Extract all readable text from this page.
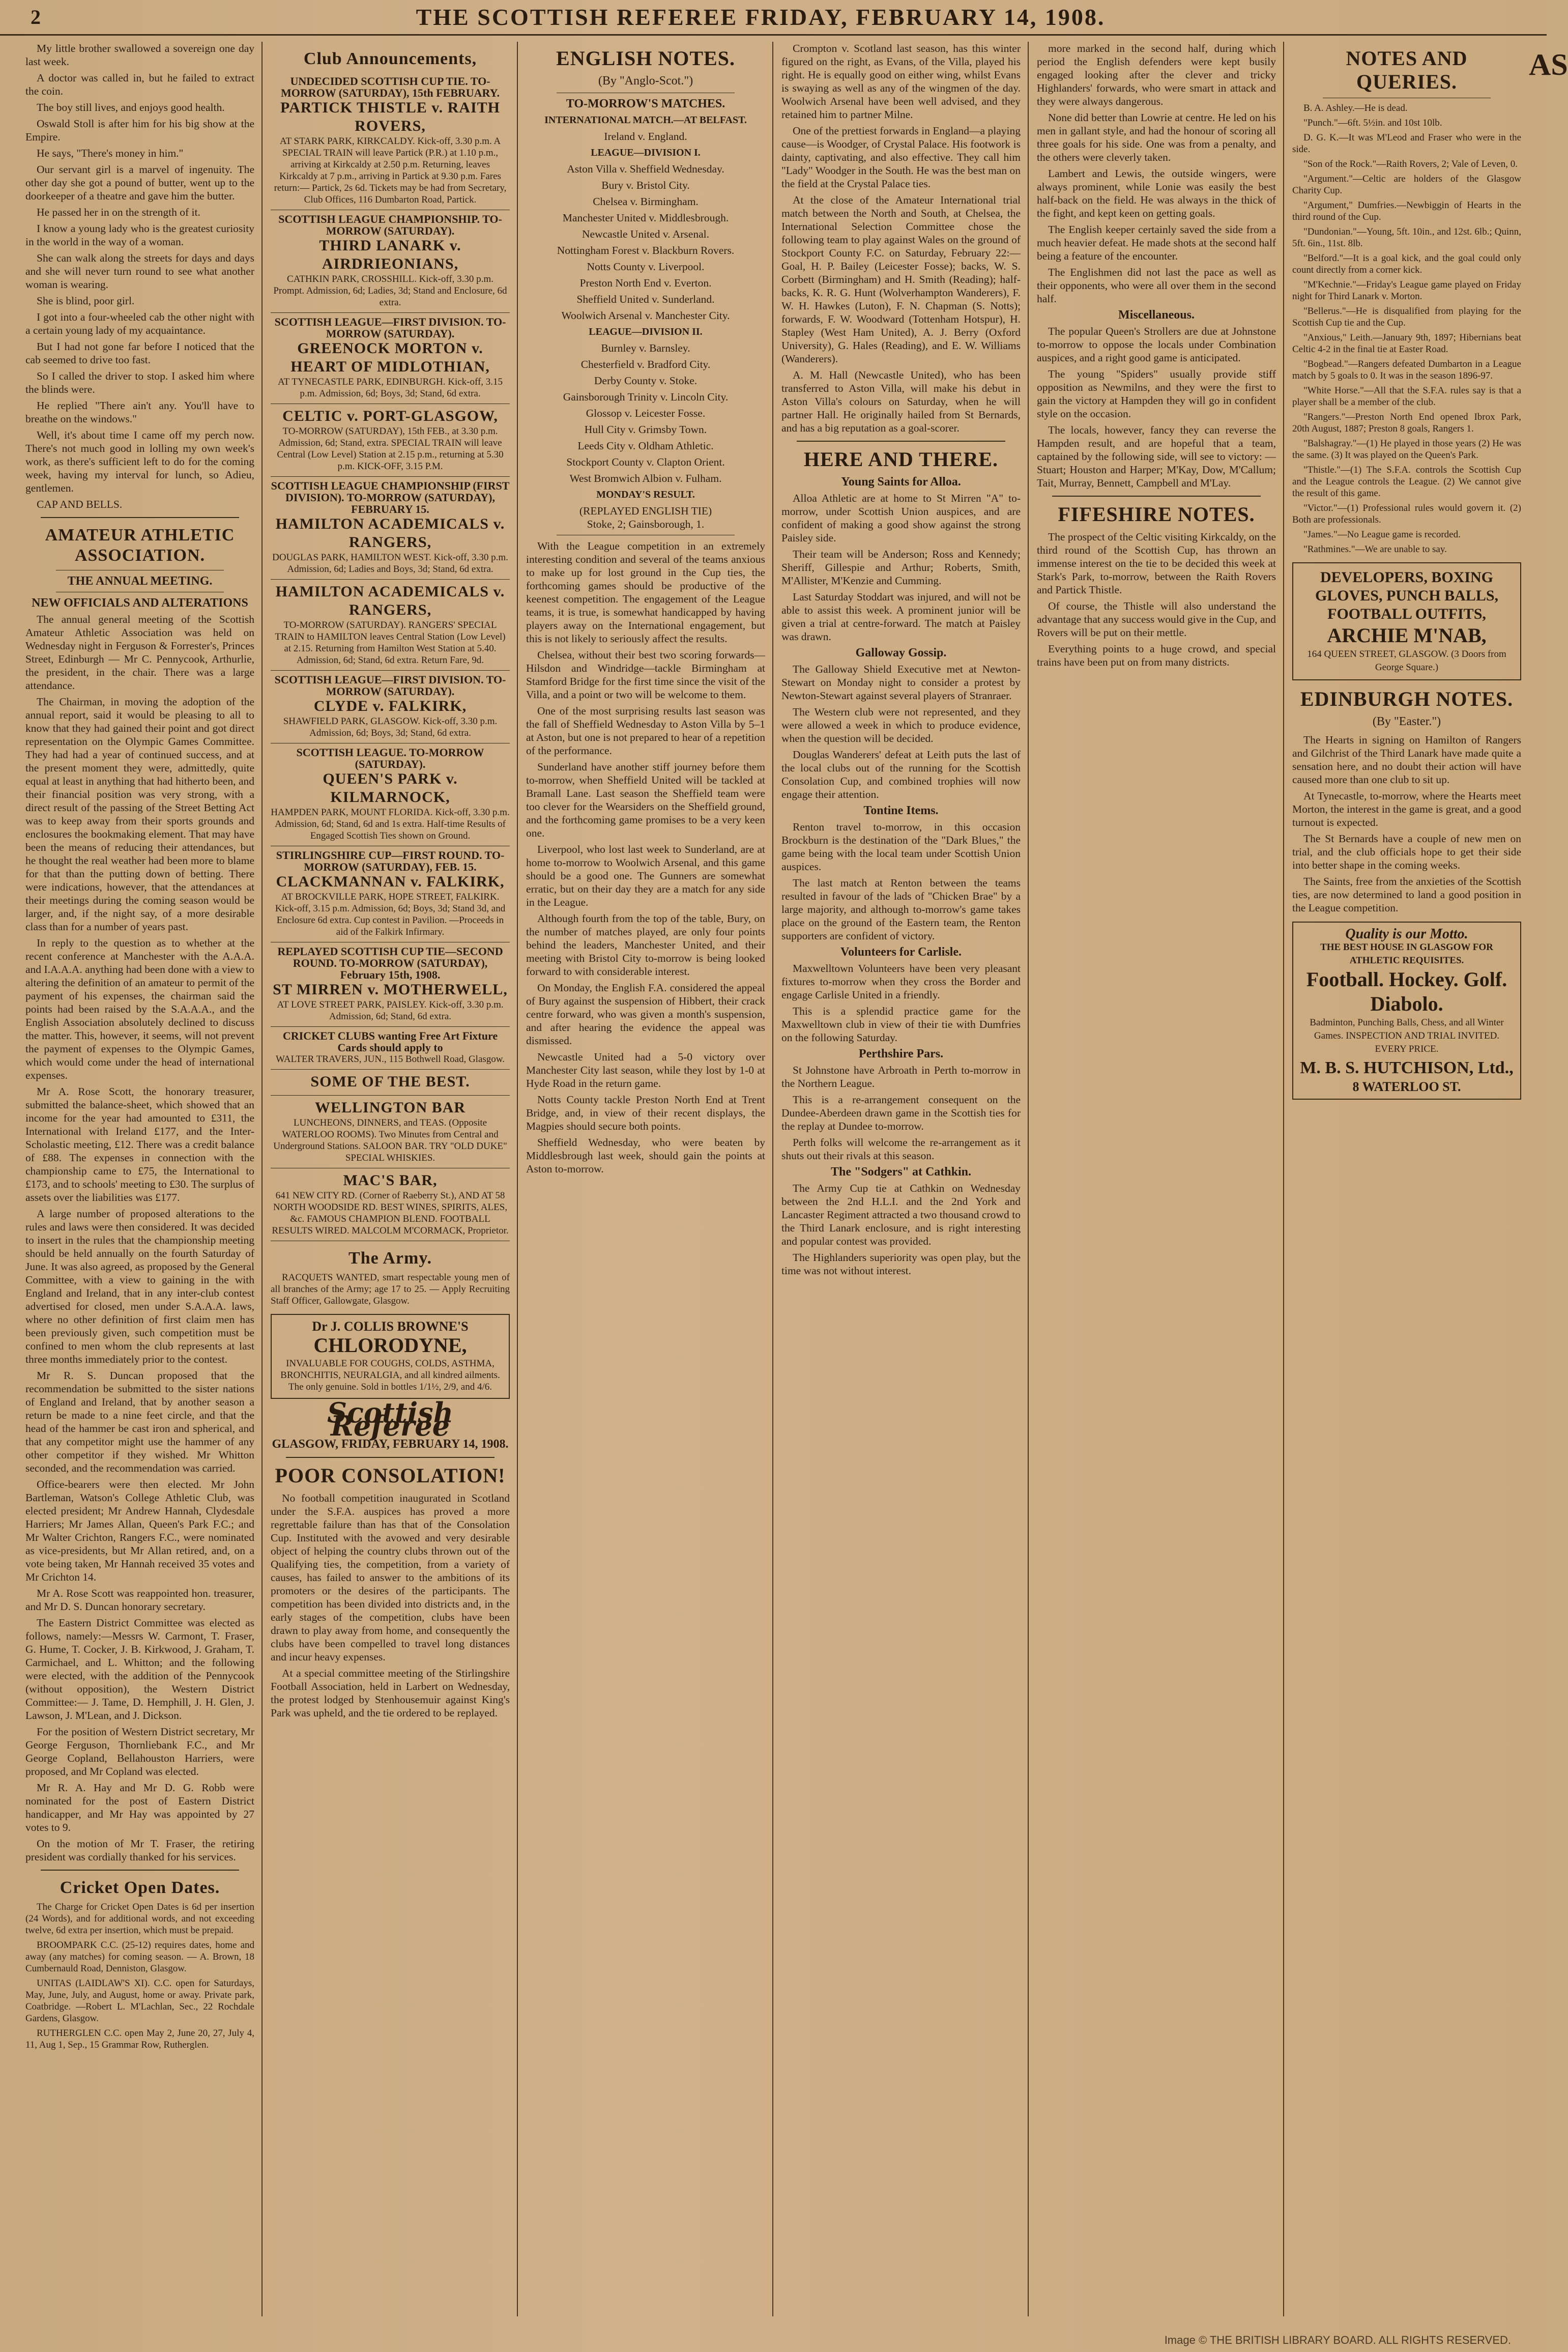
2	THE SCOTTISH REFEREE FRIDAY, FEBRUARY 14, 1908.

My little brother swallowed a sovereign one day last week.

A doctor was called in, but he failed to extract the coin.

The boy still lives, and enjoys good health.

Oswald Stoll is after him for his big show at the Empire.

He says, "There's money in him."

Our servant girl is a marvel of ingenuity. The other day she got a pound of butter, went up to the doorkeeper of a theatre and gave him the butter.

He passed her in on the strength of it.

I know a young lady who is the greatest curiosity in the world in the way of a woman.

She can walk along the streets for days and days and she will never turn round to see what another woman is wearing.

She is blind, poor girl.

I got into a four-wheeled cab the other night with a certain young lady of my acquaintance.

But I had not gone far before I noticed that the cab seemed to drive too fast.

So I called the driver to stop. I asked him where the blinds were.

He replied "There ain't any. You'll have to breathe on the windows."

Well, it's about time I came off my perch now. There's not much good in lolling my own week's work, as there's sufficient left to do for the coming week, having my interval for lunch, so Adieu, gentlemen.

CAP AND BELLS.

AMATEUR ATHLETIC ASSOCIATION.
THE ANNUAL MEETING.
NEW OFFICIALS AND ALTERATIONS

The annual general meeting of the Scottish Amateur Athletic Association was held on Wednesday night in Ferguson & Forrester's, Princes Street, Edinburgh — Mr C. Pennycook, Arthurlie, the president, in the chair. There was a large attendance.

The Chairman, in moving the adoption of the annual report, said it would be pleasing to all to know that they had gained their point and got direct representation on the Olympic Games Committee. They had had a year of continued success, and at the present moment they were, admittedly, quite equal at least in anything that had hitherto been, and their financial position was very strong, with a direct result of the passing of the Street Betting Act was to keep away from their sports grounds and enclosures the bookmaking element. That may have been the means of reducing their attendances, but he thought the real weather had been more to blame for that than the putting down of betting. There were indications, however, that the attendances at their meetings during the coming season would be larger, and, if the night say, of a more desirable class than for a number of years past.

In reply to the question as to whether at the recent conference at Manchester with the A.A.A. and I.A.A.A. anything had been done with a view to altering the definition of an amateur to permit of the payment of his expenses, the chairman said the points had been raised by the S.A.A.A., and the English Association absolutely declined to discuss the matter. This, however, it seems, will not prevent the payment of expenses to the Olympic Games, which would come under the head of international expenses.

Mr A. Rose Scott, the honorary treasurer, submitted the balance-sheet, which showed that an income for the year had amounted to £311, the International with Ireland £177, and the Inter-Scholastic meeting, £12. There was a credit balance of £88. The expenses in connection with the championship came to £75, the International to £173, and to schools' meeting to £30. The surplus of assets over the liabilities was £177.

A large number of proposed alterations to the rules and laws were then considered. It was decided to insert in the rules that the championship meeting should be held annually on the fourth Saturday of June. It was also agreed, as proposed by the General Committee, with a view to gaining in the with England and Ireland, that in any inter-club contest advertised for closed, men under S.A.A.A. laws, where no other definition of first claim men has been previously given, such competition must be confined to men whom the club represents at last three months immediately prior to the contest.

Mr R. S. Duncan proposed that the recommendation be submitted to the sister nations of England and Ireland, that by another season a return be made to a nine feet circle, and that the head of the hammer be cast iron and spherical, and that any competitor might use the hammer of any other competitor if they wished. Mr Whitton seconded, and the recommendation was carried.

Office-bearers were then elected. Mr John Bartleman, Watson's College Athletic Club, was elected president; Mr Andrew Hannah, Clydesdale Harriers; Mr James Allan, Queen's Park F.C.; and Mr Walter Crichton, Rangers F.C., were nominated as vice-presidents, but Mr Allan retired, and, on a vote being taken, Mr Hannah received 35 votes and Mr Crichton 14.

Mr A. Rose Scott was reappointed hon. treasurer, and Mr D. S. Duncan honorary secretary.

The Eastern District Committee was elected as follows, namely:—Messrs W. Carmont, T. Fraser, G. Hume, T. Cocker, J. B. Kirkwood, J. Graham, T. Carmichael, and L. Whitton; and the following were elected, with the addition of the Pennycook (without opposition), the Western District Committee:— J. Tame, D. Hemphill, J. H. Glen, J. Lawson, J. M'Lean, and J. Dickson.

For the position of Western District secretary, Mr George Ferguson, Thornliebank F.C., and Mr George Copland, Bellahouston Harriers, were proposed, and Mr Copland was elected.

Mr R. A. Hay and Mr D. G. Robb were nominated for the post of Eastern District handicapper, and Mr Hay was appointed by 27 votes to 9.

On the motion of Mr T. Fraser, the retiring president was cordially thanked for his services.

Cricket Open Dates.

The Charge for Cricket Open Dates is 6d per insertion (24 Words), and for additional words, and not exceeding twelve, 6d extra per insertion, which must be prepaid.

BROOMPARK C.C. (25-12) requires dates, home and away (any matches) for coming season. — A. Brown, 18 Cumbernauld Road, Denniston, Glasgow.

UNITAS (LAIDLAW'S XI). C.C. open for Saturdays, May, June, July, and August, home or away. Private park, Coatbridge. —Robert L. M'Lachlan, Sec., 22 Rochdale Gardens, Glasgow.

RUTHERGLEN C.C. open May 2, June 20, 27, July 4, 11, Aug 1, Sep., 15 Grammar Row, Rutherglen.

Club Announcements,
UNDECIDED SCOTTISH CUP TIE. TO-MORROW (SATURDAY), 15th FEBRUARY.
PARTICK THISTLE v. RAITH ROVERS,
AT STARK PARK, KIRKCALDY. Kick-off, 3.30 p.m. A SPECIAL TRAIN will leave Partick (P.R.) at 1.10 p.m., arriving at Kirkcaldy at 2.50 p.m. Returning, leaves Kirkcaldy at 7 p.m., arriving in Partick at 9.30 p.m. Fares return:— Partick, 2s 6d. Tickets may be had from Secretary, Club Offices, 116 Dumbarton Road, Partick.
SCOTTISH LEAGUE CHAMPIONSHIP. TO-MORROW (SATURDAY).
THIRD LANARK v. AIRDRIEONIANS,
CATHKIN PARK, CROSSHILL. Kick-off, 3.30 p.m. Prompt. Admission, 6d; Ladies, 3d; Stand and Enclosure, 6d extra.
SCOTTISH LEAGUE—FIRST DIVISION. TO-MORROW (SATURDAY).
GREENOCK MORTON v. HEART OF MIDLOTHIAN,
AT TYNECASTLE PARK, EDINBURGH. Kick-off, 3.15 p.m. Admission, 6d; Boys, 3d; Stand, 6d extra.
CELTIC v. PORT-GLASGOW,
TO-MORROW (SATURDAY), 15th FEB., at 3.30 p.m. Admission, 6d; Stand, extra. SPECIAL TRAIN will leave Central (Low Level) Station at 2.15 p.m., returning at 5.30 p.m. KICK-OFF, 3.15 P.M.
SCOTTISH LEAGUE CHAMPIONSHIP (FIRST DIVISION). TO-MORROW (SATURDAY), FEBRUARY 15.
HAMILTON ACADEMICALS v. RANGERS,
DOUGLAS PARK, HAMILTON WEST. Kick-off, 3.30 p.m. Admission, 6d; Ladies and Boys, 3d; Stand, 6d extra.
HAMILTON ACADEMICALS v. RANGERS,
TO-MORROW (SATURDAY). RANGERS' SPECIAL TRAIN to HAMILTON leaves Central Station (Low Level) at 2.15. Returning from Hamilton West Station at 5.40. Admission, 6d; Stand, 6d extra. Return Fare, 9d.
SCOTTISH LEAGUE—FIRST DIVISION. TO-MORROW (SATURDAY).
CLYDE v. FALKIRK,
SHAWFIELD PARK, GLASGOW. Kick-off, 3.30 p.m. Admission, 6d; Boys, 3d; Stand, 6d extra.
SCOTTISH LEAGUE. TO-MORROW (SATURDAY).
QUEEN'S PARK v. KILMARNOCK,
HAMPDEN PARK, MOUNT FLORIDA. Kick-off, 3.30 p.m. Admission, 6d; Stand, 6d and 1s extra. Half-time Results of Engaged Scottish Ties shown on Ground.
STIRLINGSHIRE CUP—FIRST ROUND. TO-MORROW (SATURDAY), FEB. 15.
CLACKMANNAN v. FALKIRK,
AT BROCKVILLE PARK, HOPE STREET, FALKIRK. Kick-off, 3.15 p.m. Admission, 6d; Boys, 3d; Stand 3d, and Enclosure 6d extra. Cup contest in Pavilion. —Proceeds in aid of the Falkirk Infirmary.
REPLAYED SCOTTISH CUP TIE—SECOND ROUND. TO-MORROW (SATURDAY), February 15th, 1908.
ST MIRREN v. MOTHERWELL,
AT LOVE STREET PARK, PAISLEY. Kick-off, 3.30 p.m. Admission, 6d; Stand, 6d extra.
CRICKET CLUBS wanting Free Art Fixture Cards should apply to
WALTER TRAVERS, JUN., 115 Bothwell Road, Glasgow.
SOME OF THE BEST.
WELLINGTON BAR
LUNCHEONS, DINNERS, and TEAS. (Opposite WATERLOO ROOMS). Two Minutes from Central and Underground Stations. SALOON BAR. TRY "OLD DUKE" SPECIAL WHISKIES.
MAC'S BAR,
641 NEW CITY RD. (Corner of Raeberry St.), AND AT 58 NORTH WOODSIDE RD. BEST WINES, SPIRITS, ALES, &c. FAMOUS CHAMPION BLEND. FOOTBALL RESULTS WIRED. MALCOLM M'CORMACK, Proprietor.
The Army.

RACQUETS WANTED, smart respectable young men of all branches of the Army; age 17 to 25. — Apply Recruiting Staff Officer, Gallowgate, Glasgow.

Dr J. COLLIS BROWNE'S
CHLORODYNE,
INVALUABLE FOR COUGHS, COLDS, ASTHMA, BRONCHITIS, NEURALGIA, and all kindred ailments. The only genuine. Sold in bottles 1/1½, 2/9, and 4/6.
Scottish Referee
GLASGOW, FRIDAY, FEBRUARY 14, 1908.
POOR CONSOLATION!

No football competition inaugurated in Scotland under the S.F.A. auspices has proved a more regrettable failure than has that of the Consolation Cup. Instituted with the avowed and very desirable object of helping the country clubs thrown out of the Qualifying ties, the competition, from a variety of causes, has failed to answer to the ambitions of its promoters or the desires of the participants. The competition has been divided into districts and, in the early stages of the competition, clubs have been drawn to play away from home, and consequently the clubs have been compelled to travel long distances and incur heavy expenses.

At a special committee meeting of the Stirlingshire Football Association, held in Larbert on Wednesday, the protest lodged by Stenhousemuir against King's Park was upheld, and the tie ordered to be replayed.

ENGLISH NOTES.
(By "Anglo-Scot.")
TO-MORROW'S MATCHES.
INTERNATIONAL MATCH.—AT BELFAST.
Ireland v. England.
LEAGUE—DIVISION I.

Aston Villa v. Sheffield Wednesday.

Bury v. Bristol City.

Chelsea v. Birmingham.

Manchester United v. Middlesbrough.

Newcastle United v. Arsenal.

Nottingham Forest v. Blackburn Rovers.

Notts County v. Liverpool.

Preston North End v. Everton.

Sheffield United v. Sunderland.

Woolwich Arsenal v. Manchester City.

LEAGUE—DIVISION II.

Burnley v. Barnsley.

Chesterfield v. Bradford City.

Derby County v. Stoke.

Gainsborough Trinity v. Lincoln City.

Glossop v. Leicester Fosse.

Hull City v. Grimsby Town.

Leeds City v. Oldham Athletic.

Stockport County v. Clapton Orient.

West Bromwich Albion v. Fulham.

MONDAY'S RESULT.
(REPLAYED ENGLISH TIE)
Stoke, 2; Gainsborough, 1.

With the League competition in an extremely interesting condition and several of the teams anxious to make up for lost ground in the Cup ties, the forthcoming games should be productive of the keenest competition. The engagement of the League teams, it is true, is somewhat handicapped by having players away on the International engagement, but this is not likely to seriously affect the results.

Chelsea, without their best two scoring forwards—Hilsdon and Windridge—tackle Birmingham at Stamford Bridge for the first time since the visit of the Villa, and a point or two will be welcome to them.

One of the most surprising results last season was the fall of Sheffield Wednesday to Aston Villa by 5–1 at Aston, but one is not prepared to hear of a repetition of the performance.

Sunderland have another stiff journey before them to-morrow, when Sheffield United will be tackled at Bramall Lane. Last season the Sheffield team were too clever for the Wearsiders on the Sheffield ground, and the forthcoming game promises to be a very keen one.

Liverpool, who lost last week to Sunderland, are at home to-morrow to Woolwich Arsenal, and this game should be a good one. The Gunners are somewhat erratic, but on their day they are a match for any side in the League.

Although fourth from the top of the table, Bury, on the number of matches played, are only four points behind the leaders, Manchester United, and their meeting with Bristol City to-morrow is being looked forward to with considerable interest.

On Monday, the English F.A. considered the appeal of Bury against the suspension of Hibbert, their crack centre forward, who was given a month's suspension, and after hearing the evidence the appeal was dismissed.

Newcastle United had a 5-0 victory over Manchester City last season, while they lost by 1-0 at Hyde Road in the return game.

Notts County tackle Preston North End at Trent Bridge, and, in view of their recent displays, the Magpies should secure both points.

Sheffield Wednesday, who were beaten by Middlesbrough last week, should gain the points at Aston to-morrow.

Crompton v. Scotland last season, has this winter figured on the right, as Evans, of the Villa, played his right. He is equally good on either wing, whilst Evans is swaying as well as any of the wingmen of the day. Woolwich Arsenal have been well advised, and they retained him to partner Milne.

One of the prettiest forwards in England—a playing cause—is Woodger, of Crystal Palace. His footwork is dainty, captivating, and also effective. They call him "Lady" Woodger in the South. He was the best man on the field at the Crystal Palace ties.

At the close of the Amateur International trial match between the North and South, at Chelsea, the International Selection Committee chose the following team to play against Wales on the ground of Stockport County F.C. on Saturday, February 22:— Goal, H. P. Bailey (Leicester Fosse); backs, W. S. Corbett (Birmingham) and H. Smith (Reading); half-backs, K. R. G. Hunt (Wolverhampton Wanderers), F. W. H. Hawkes (Luton), F. N. Chapman (S. Notts); forwards, F. W. Woodward (Tottenham Hotspur), H. Stapley (West Ham United), A. J. Berry (Oxford University), G. Hales (Reading), and E. W. Williams (Wanderers).

A. M. Hall (Newcastle United), who has been transferred to Aston Villa, will make his debut in Aston Villa's colours on Saturday, when he will partner Hall. He originally hailed from St Bernards, and has a big reputation as a goal-scorer.

HERE AND THERE.
Young Saints for Alloa.

Alloa Athletic are at home to St Mirren "A" to-morrow, under Scottish Union auspices, and are confident of making a good show against the strong Paisley side.

Their team will be Anderson; Ross and Kennedy; Sheriff, Gillespie and Arthur; Roberts, Smith, M'Allister, M'Kenzie and Cumming.

Last Saturday Stoddart was injured, and will not be able to assist this week. A prominent junior will be given a trial at centre-forward. The match at Paisley was drawn.

Galloway Gossip.

The Galloway Shield Executive met at Newton-Stewart on Monday night to consider a protest by Newton-Stewart against several players of Stranraer.

The Western club were not represented, and they were allowed a week in which to produce evidence, when the question will be decided.

Douglas Wanderers' defeat at Leith puts the last of the local clubs out of the running for the Scottish Consolation Cup, and combined trophies will now engage their attention.

Tontine Items.

Renton travel to-morrow, in this occasion Brockburn is the destination of the "Dark Blues," the game being with the local team under Scottish Union auspices.

The last match at Renton between the teams resulted in favour of the lads of "Chicken Brae" by a large majority, and although to-morrow's game takes place on the ground of the Eastern team, the Renton supporters are confident of victory.

Volunteers for Carlisle.

Maxwelltown Volunteers have been very pleasant fixtures to-morrow when they cross the Border and engage Carlisle United in a friendly.

This is a splendid practice game for the Maxwelltown club in view of their tie with Dumfries on the following Saturday.

Perthshire Pars.

St Johnstone have Arbroath in Perth to-morrow in the Northern League.

This is a re-arrangement consequent on the Dundee-Aberdeen drawn game in the Scottish ties for the replay at Dundee to-morrow.

Perth folks will welcome the re-arrangement as it shuts out their rivals at this season.

The "Sodgers" at Cathkin.

The Army Cup tie at Cathkin on Wednesday between the 2nd H.L.I. and the 2nd York and Lancaster Regiment attracted a two thousand crowd to the Third Lanark enclosure, and is right interesting and popular contest was provided.

The Highlanders superiority was open play, but the time was not without interest.

more marked in the second half, during which period the English defenders were kept busily engaged looking after the clever and tricky Highlanders' forwards, who were smart in attack and they were always dangerous.

None did better than Lowrie at centre. He led on his men in gallant style, and had the honour of scoring all three goals for his side. One was from a penalty, and the others were cleverly taken.

Lambert and Lewis, the outside wingers, were always prominent, while Lonie was easily the best half-back on the field. He was always in the thick of the fight, and kept keen on getting goals.

The English keeper certainly saved the side from a much heavier defeat. He made shots at the second half being a feature of the encounter.

The Englishmen did not last the pace as well as their opponents, who were all over them in the second half.

Miscellaneous.

The popular Queen's Strollers are due at Johnstone to-morrow to oppose the locals under Combination auspices, and a right good game is anticipated.

The young "Spiders" usually provide stiff opposition as Newmilns, and they were the first to gain the victory at Hampden they will go in confident style on the occasion.

The locals, however, fancy they can reverse the Hampden result, and are hopeful that a team, captained by the following side, will see to victory: —Stuart; Houston and Harper; M'Kay, Dow, M'Callum; Tait, Murray, Bennett, Campbell and M'Lay.

FIFESHIRE NOTES.

The prospect of the Celtic visiting Kirkcaldy, on the third round of the Scottish Cup, has thrown an immense interest on the tie to be decided this week at Stark's Park, to-morrow, between the Raith Rovers and Partick Thistle.

Of course, the Thistle will also understand the advantage that any success would give in the Cup, and Rovers will be put on their mettle.

Everything points to a huge crowd, and special trains have been put on from many districts.

NOTES AND
QUERIES.

B. A. Ashley.—He is dead.

"Punch."—6ft. 5½in. and 10st 10lb.

D. G. K.—It was M'Leod and Fraser who were in the side.

"Son of the Rock."—Raith Rovers, 2; Vale of Leven, 0.

"Argument."—Celtic are holders of the Glasgow Charity Cup.

"Argument," Dumfries.—Newbiggin of Hearts in the third round of the Cup.

"Dundonian."—Young, 5ft. 10in., and 12st. 6lb.; Quinn, 5ft. 6in., 11st. 8lb.

"Belford."—It is a goal kick, and the goal could only count directly from a corner kick.

"M'Kechnie."—Friday's League game played on Friday night for Third Lanark v. Morton.

"Bellerus."—He is disqualified from playing for the Scottish Cup tie and the Cup.

"Anxious," Leith.—January 9th, 1897; Hibernians beat Celtic 4-2 in the final tie at Easter Road.

"Bogbead."—Rangers defeated Dumbarton in a League match by 5 goals to 0. It was in the season 1896-97.

"White Horse."—All that the S.F.A. rules say is that a player shall be a member of the club.

"Rangers."—Preston North End opened Ibrox Park, 20th August, 1887; Preston 8 goals, Rangers 1.

"Balshagray."—(1) He played in those years (2) He was the same. (3) It was played on the Queen's Park.

"Thistle."—(1) The S.F.A. controls the Scottish Cup and the League controls the League. (2) We cannot give the result of this game.

"Victor."—(1) Professional rules would govern it. (2) Both are professionals.

"James."—No League game is recorded.

"Rathmines."—We are unable to say.

DEVELOPERS, BOXING GLOVES, PUNCH BALLS, FOOTBALL OUTFITS,
ARCHIE M'NAB,
164 QUEEN STREET, GLASGOW. (3 Doors from George Square.)
EDINBURGH NOTES.
(By "Easter.")

The Hearts in signing on Hamilton of Rangers and Gilchrist of the Third Lanark have made quite a sensation here, and no doubt their action will have caused more than one club to sit up.

At Tynecastle, to-morrow, where the Hearts meet Morton, the interest in the game is great, and a good turnout is expected.

The St Bernards have a couple of new men on trial, and the club officials hope to get their side into better shape in the coming weeks.

The Saints, free from the anxieties of the Scottish ties, are now determined to land a good position in the League competition.

Quality is our Motto.
THE BEST HOUSE IN GLASGOW FOR ATHLETIC REQUISITES.
Football. Hockey. Golf.
Diabolo.
Badminton, Punching Balls, Chess, and all Winter Games. INSPECTION AND TRIAL INVITED. EVERY PRICE.
M. B. S. HUTCHISON, Ltd.,
8 WATERLOO ST.
AS
Image © THE BRITISH LIBRARY BOARD. ALL RIGHTS RESERVED.
